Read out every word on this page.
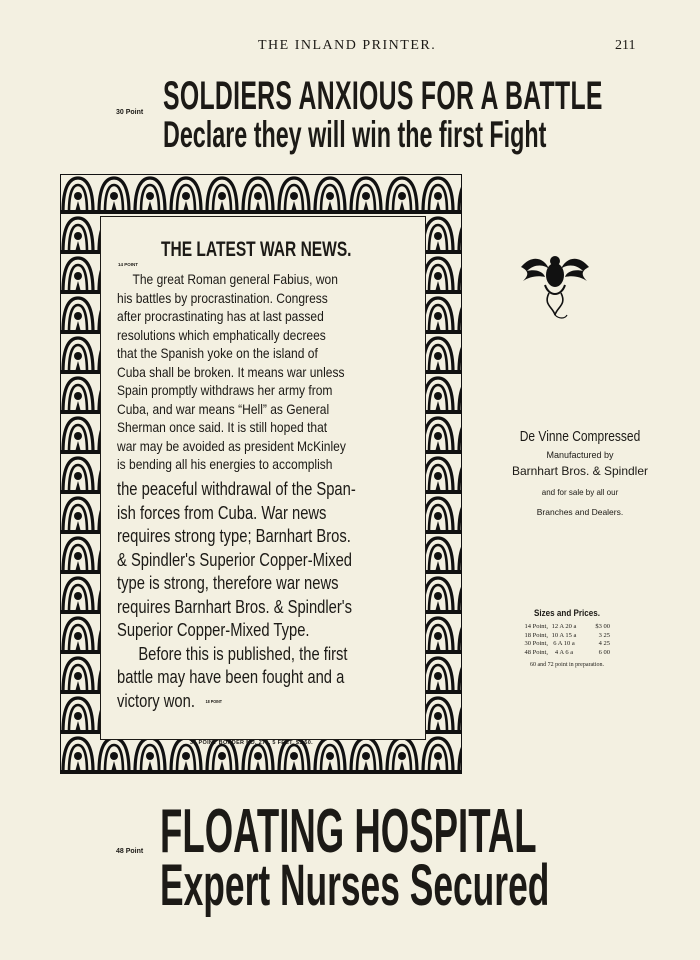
THE INLAND PRINTER.	211
30 Point SOLDIERS ANXIOUS FOR A BATTLE
Declare they will win the first Fight
THE LATEST WAR NEWS.
14 POINT
The great Roman general Fabius, won
his battles by procrastination. Congress
after procrastinating has at last passed
resolutions which emphatically decrees
that the Spanish yoke on the island of
Cuba shall be broken. It means war unless
Spain promptly withdraws her army from
Cuba, and war means “Hell” as General
Sherman once said. It is still hoped that
war may be avoided as president McKinley
is bending all his energies to accomplish
the peaceful withdrawal of the Span-
ish forces from Cuba. War news
requires strong type; Barnhart Bros.
& Spindler's Superior Copper-Mixed
type is strong, therefore war news
requires Barnhart Bros. & Spindler's
Superior Copper-Mixed Type.
Before this is published, the first
battle may have been fought and a
victory won. 18 POINT
36 POINT BORDER NO. 270. 5 FEET, $1.50.
De Vinne Compressed
Manufactured by
Barnhart Bros. & Spindler
and for sale by all our
Branches and Dealers.
Sizes and Prices.
14 Point, 12 A 20 a	$3 00
18 Point, 10 A 15 a	3 25
30 Point, 6 A 10 a	4 25
48 Point,	4 A 6 a	6 00
60 and 72 point in preparation.
48 Point FLOATING HOSPITAL
Expert Nurses Secured
